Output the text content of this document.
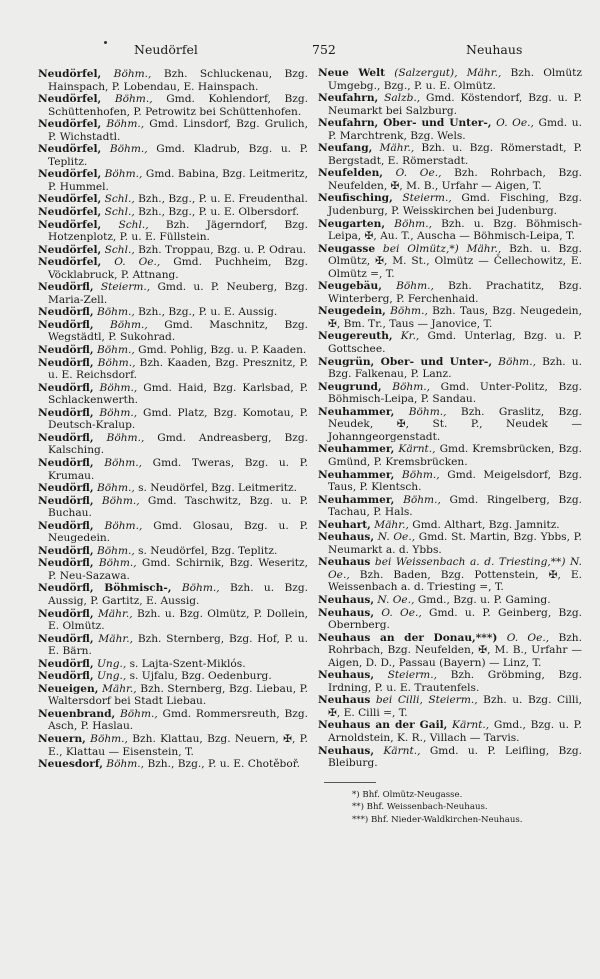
Neudörfel	752	Neuhaus
Neudörfel, Böhm., Bzh. Schluckenau, Bzg. Hainspach, P. Lobendau, E. Hainspach.
Neudörfel, Böhm., Gmd. Kohlendorf, Bzg. Schüttenhofen, P. Petrowitz bei Schüttenhofen.
Neudörfel, Böhm., Gmd. Linsdorf, Bzg. Grulich, P. Wichstadtl.
Neudörfel, Böhm., Gmd. Kladrub, Bzg. u. P. Teplitz.
Neudörfel, Böhm., Gmd. Babina, Bzg. Leitmeritz, P. Hummel.
Neudörfel, Schl., Bzh., Bzg., P. u. E. Freudenthal.
Neudörfel, Schl., Bzh., Bzg., P. u. E. Olbersdorf.
Neudörfel, Schl., Bzh. Jägerndorf, Bzg. Hotzenplotz, P. u. E. Füllstein.
Neudörfel, Schl., Bzh. Troppau, Bzg. u. P. Odrau.
Neudörfel, O. Oe., Gmd. Puchheim, Bzg. Vöcklabruck, P. Attnang.
Neudörfl, Steierm., Gmd. u. P. Neuberg, Bzg. Maria-Zell.
Neudörfl, Böhm., Bzh., Bzg., P. u. E. Aussig.
Neudörfl, Böhm., Gmd. Maschnitz, Bzg. Wegstädtl, P. Sukohrad.
Neudörfl, Böhm., Gmd. Pohlig, Bzg. u. P. Kaaden.
Neudörfl, Böhm., Bzh. Kaaden, Bzg. Presznitz, P. u. E. Reichsdorf.
Neudörfl, Böhm., Gmd. Haid, Bzg. Karlsbad, P. Schlackenwerth.
Neudörfl, Böhm., Gmd. Platz, Bzg. Komotau, P. Deutsch-Kralup.
Neudörfl, Böhm., Gmd. Andreasberg, Bzg. Kalsching.
Neudörfl, Böhm., Gmd. Tweras, Bzg. u. P. Krumau.
Neudörfl, Böhm., s. Neudörfel, Bzg. Leitmeritz.
Neudörfl, Böhm., Gmd. Taschwitz, Bzg. u. P. Buchau.
Neudörfl, Böhm., Gmd. Glosau, Bzg. u. P. Neugedein.
Neudörfl, Böhm., s. Neudörfel, Bzg. Teplitz.
Neudörfl, Böhm., Gmd. Schirnik, Bzg. Weseritz, P. Neu-Sazawa.
Neudörfl, Böhmisch-, Böhm., Bzh. u. Bzg. Aussig, P. Gartitz, E. Aussig.
Neudörfl, Mähr., Bzh. u. Bzg. Olmütz, P. Dollein, E. Olmütz.
Neudörfl, Mähr., Bzh. Sternberg, Bzg. Hof, P. u. E. Bärn.
Neudörfl, Ung., s. Lajta-Szent-Miklós.
Neudörfl, Ung., s. Ujfalu, Bzg. Oedenburg.
Neueigen, Mähr., Bzh. Sternberg, Bzg. Liebau, P. Waltersdorf bei Stadt Liebau.
Neuenbrand, Böhm., Gmd. Rommersreuth, Bzg. Asch, P. Haslau.
Neuern, Böhm., Bzh. Klattau, Bzg. Neuern, ✠, P. E., Klattau — Eisenstein, T.
Neuesdorf, Böhm., Bzh., Bzg., P. u. E. Chotěboř.
Neue Welt (Salzergut), Mähr., Bzh. Olmütz Umgebg., Bzg., P. u. E. Olmütz.
Neufahrn, Salzb., Gmd. Köstendorf, Bzg. u. P. Neumarkt bei Salzburg.
Neufahrn, Ober- und Unter-, O. Oe., Gmd. u. P. Marchtrenk, Bzg. Wels.
Neufang, Mähr., Bzh. u. Bzg. Römerstadt, P. Bergstadt, E. Römerstadt.
Neufelden, O. Oe., Bzh. Rohrbach, Bzg. Neufelden, ✠, M. B., Urfahr — Aigen, T.
Neufisching, Steierm., Gmd. Fisching, Bzg. Judenburg, P. Weisskirchen bei Judenburg.
Neugarten, Böhm., Bzh. u. Bzg. Böhmisch-Leipa, ✠, Au. T., Auscha — Böhmisch-Leipa, T.
Neugasse bei Olmütz,*) Mähr., Bzh. u. Bzg. Olmütz, ✠, M. St., Olmütz — Čellechowitz, E. Olmütz =, T.
Neugebäu, Böhm., Bzh. Prachatitz, Bzg. Winterberg, P. Ferchenhaid.
Neugedein, Böhm., Bzh. Taus, Bzg. Neugedein, ✠, Bm. Tr., Taus — Janovice, T.
Neugereuth, Kr., Gmd. Unterlag, Bzg. u. P. Gottschee.
Neugrün, Ober- und Unter-, Böhm., Bzh. u. Bzg. Falkenau, P. Lanz.
Neugrund, Böhm., Gmd. Unter-Politz, Bzg. Böhmisch-Leipa, P. Sandau.
Neuhammer, Böhm., Bzh. Graslitz, Bzg. Neudek, ✠, St. P., Neudek — Johanngeorgenstadt.
Neuhammer, Kärnt., Gmd. Kremsbrücken, Bzg. Gmünd, P. Kremsbrücken.
Neuhammer, Böhm., Gmd. Meigelsdorf, Bzg. Taus, P. Klentsch.
Neuhammer, Böhm., Gmd. Ringelberg, Bzg. Tachau, P. Hals.
Neuhart, Mähr., Gmd. Althart, Bzg. Jamnitz.
Neuhaus, N. Oe., Gmd. St. Martin, Bzg. Ybbs, P. Neumarkt a. d. Ybbs.
Neuhaus bei Weissenbach a. d. Triesting,**) N. Oe., Bzh. Baden, Bzg. Pottenstein, ✠, E. Weissenbach a. d. Triesting =, T.
Neuhaus, N. Oe., Gmd., Bzg. u. P. Gaming.
Neuhaus, O. Oe., Gmd. u. P. Geinberg, Bzg. Obernberg.
Neuhaus an der Donau,***) O. Oe., Bzh. Rohrbach, Bzg. Neufelden, ✠, M. B., Urfahr — Aigen, D. D., Passau (Bayern) — Linz, T.
Neuhaus, Steierm., Bzh. Gröbming, Bzg. Irdning, P. u. E. Trautenfels.
Neuhaus bei Cilli, Steierm., Bzh. u. Bzg. Cilli, ✠, E. Cilli =, T.
Neuhaus an der Gail, Kärnt., Gmd., Bzg. u. P. Arnoldstein, K. R., Villach — Tarvis.
Neuhaus, Kärnt., Gmd. u. P. Leifling, Bzg. Bleiburg.
*) Bhf. Olmütz-Neugasse.
**) Bhf. Weissenbach-Neuhaus.
***) Bhf. Nieder-Waldkirchen-Neuhaus.
